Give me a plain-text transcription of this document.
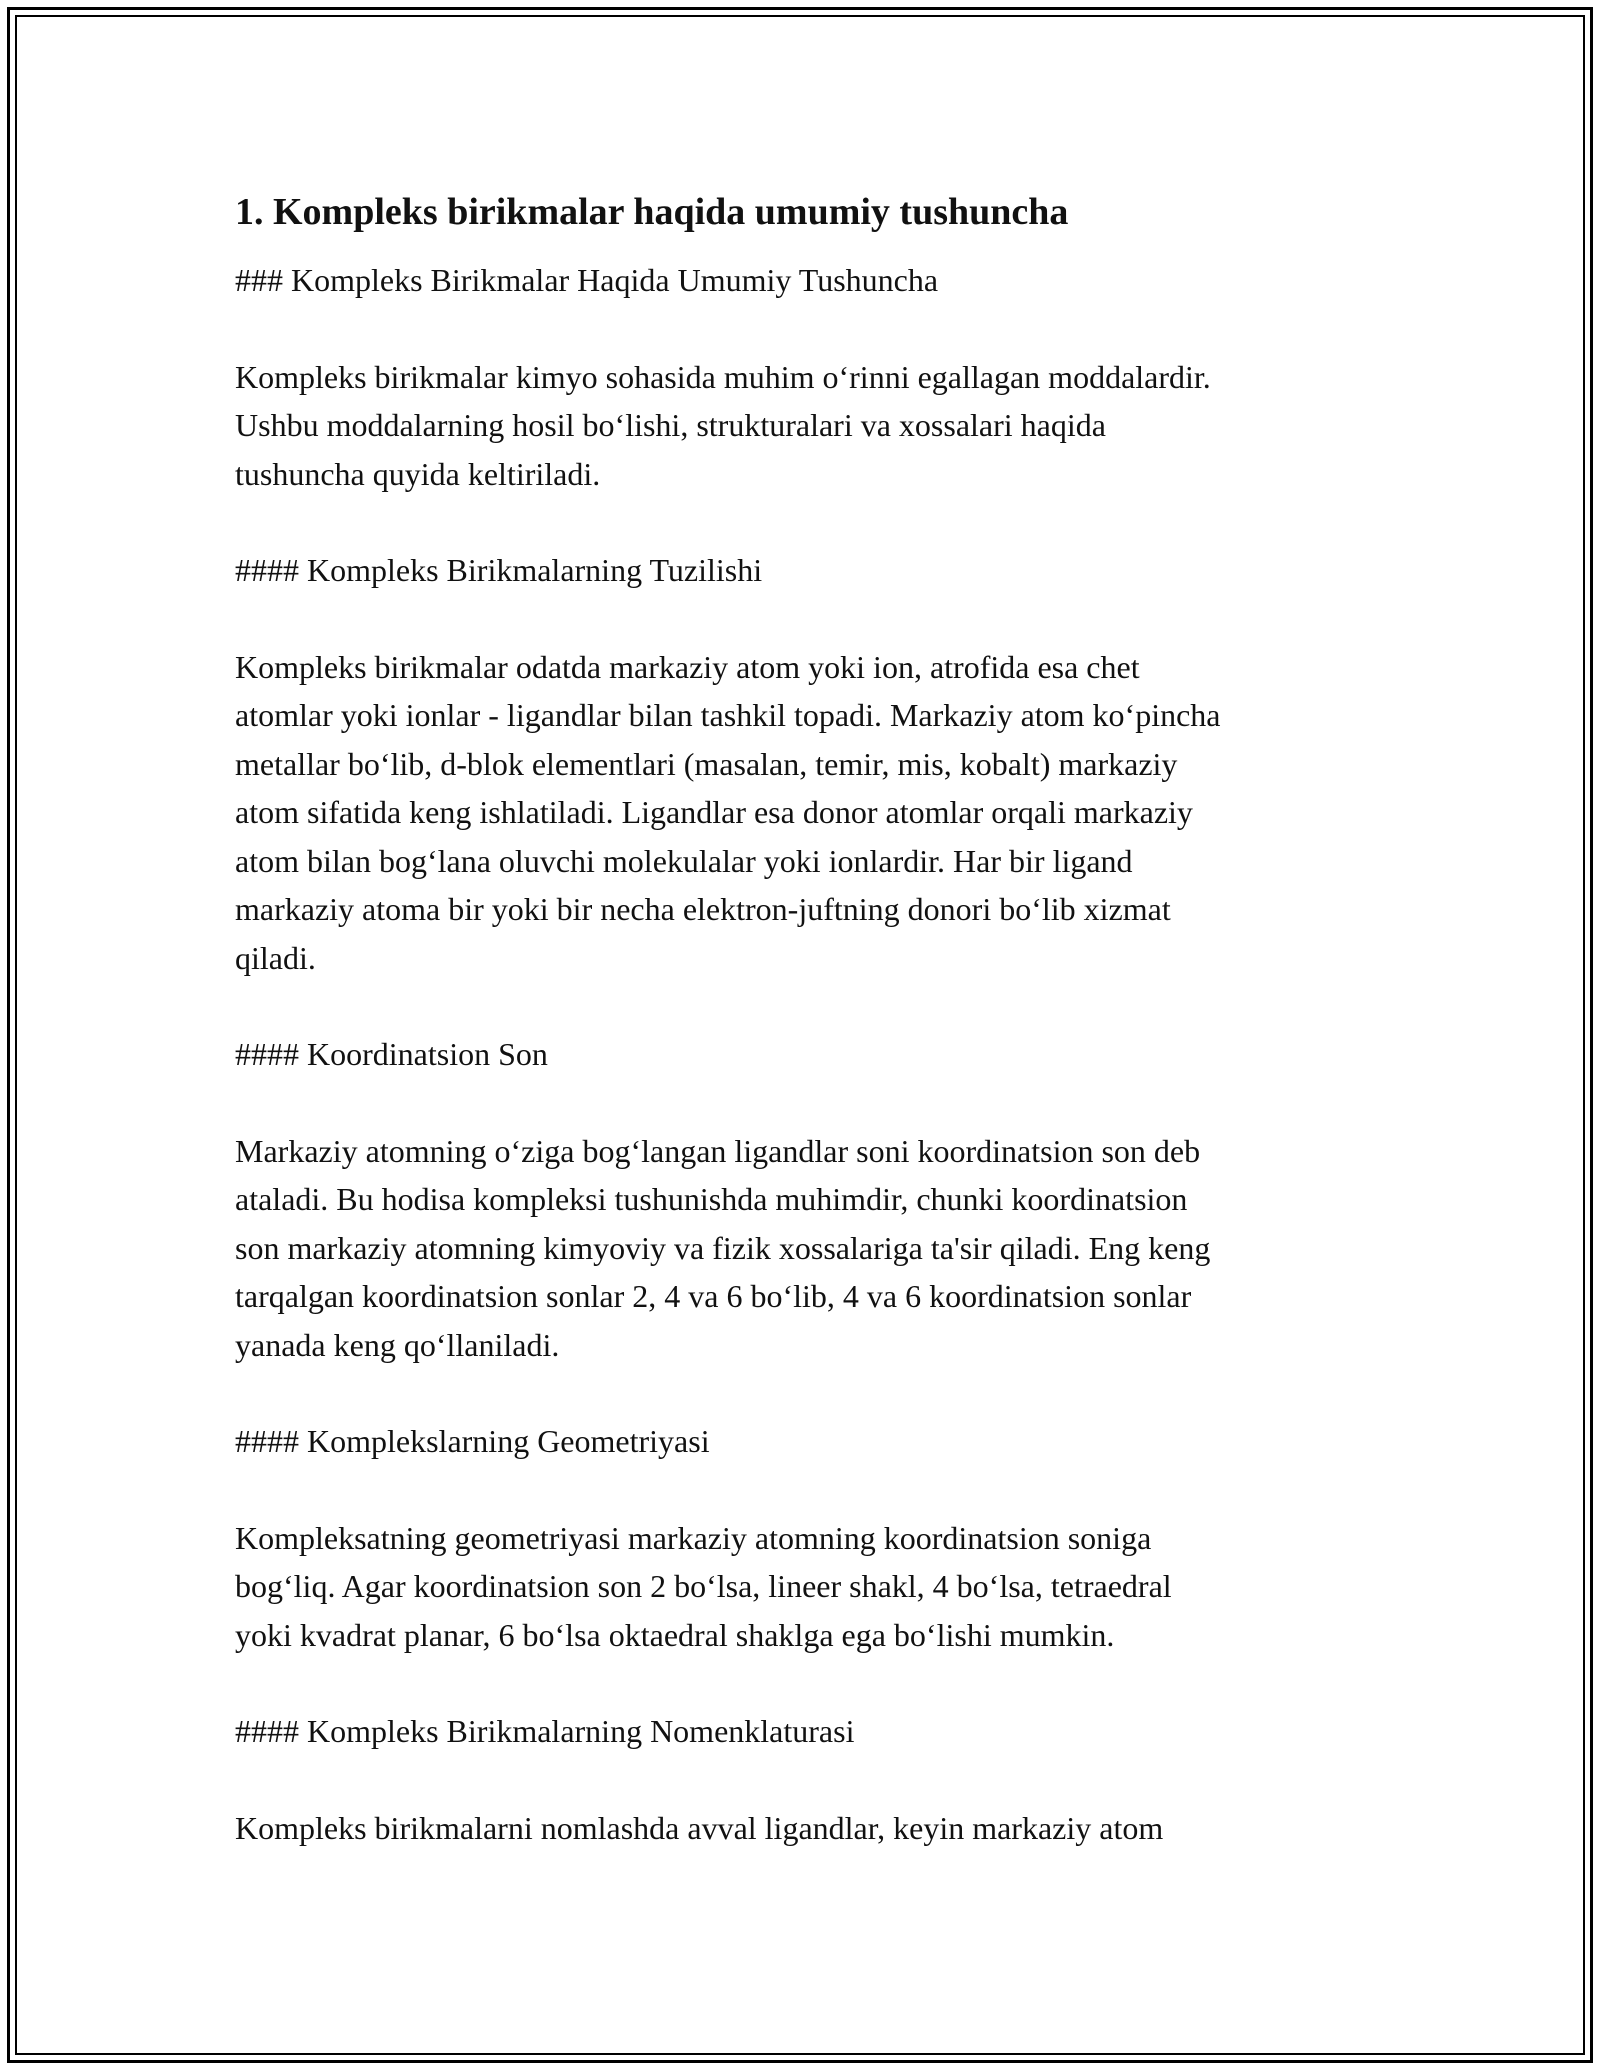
1. Kompleks birikmalar haqida umumiy tushuncha
### Kompleks Birikmalar Haqida Umumiy Tushuncha
Kompleks birikmalar kimyo sohasida muhim o‘rinni egallagan moddalardir.
Ushbu moddalarning hosil bo‘lishi, strukturalari va xossalari haqida
tushuncha quyida keltiriladi.
#### Kompleks Birikmalarning Tuzilishi
Kompleks birikmalar odatda markaziy atom yoki ion, atrofida esa chet
atomlar yoki ionlar - ligandlar bilan tashkil topadi. Markaziy atom ko‘pincha
metallar bo‘lib, d-blok elementlari (masalan, temir, mis, kobalt) markaziy
atom sifatida keng ishlatiladi. Ligandlar esa donor atomlar orqali markaziy
atom bilan bog‘lana oluvchi molekulalar yoki ionlardir. Har bir ligand
markaziy atoma bir yoki bir necha elektron-juftning donori bo‘lib xizmat
qiladi.
#### Koordinatsion Son
Markaziy atomning o‘ziga bog‘langan ligandlar soni koordinatsion son deb
ataladi. Bu hodisa kompleksi tushunishda muhimdir, chunki koordinatsion
son markaziy atomning kimyoviy va fizik xossalariga ta'sir qiladi. Eng keng
tarqalgan koordinatsion sonlar 2, 4 va 6 bo‘lib, 4 va 6 koordinatsion sonlar
yanada keng qo‘llaniladi.
#### Komplekslarning Geometriyasi
Kompleksatning geometriyasi markaziy atomning koordinatsion soniga
bog‘liq. Agar koordinatsion son 2 bo‘lsa, lineer shakl, 4 bo‘lsa, tetraedral
yoki kvadrat planar, 6 bo‘lsa oktaedral shaklga ega bo‘lishi mumkin.
#### Kompleks Birikmalarning Nomenklaturasi
Kompleks birikmalarni nomlashda avval ligandlar, keyin markaziy atom
